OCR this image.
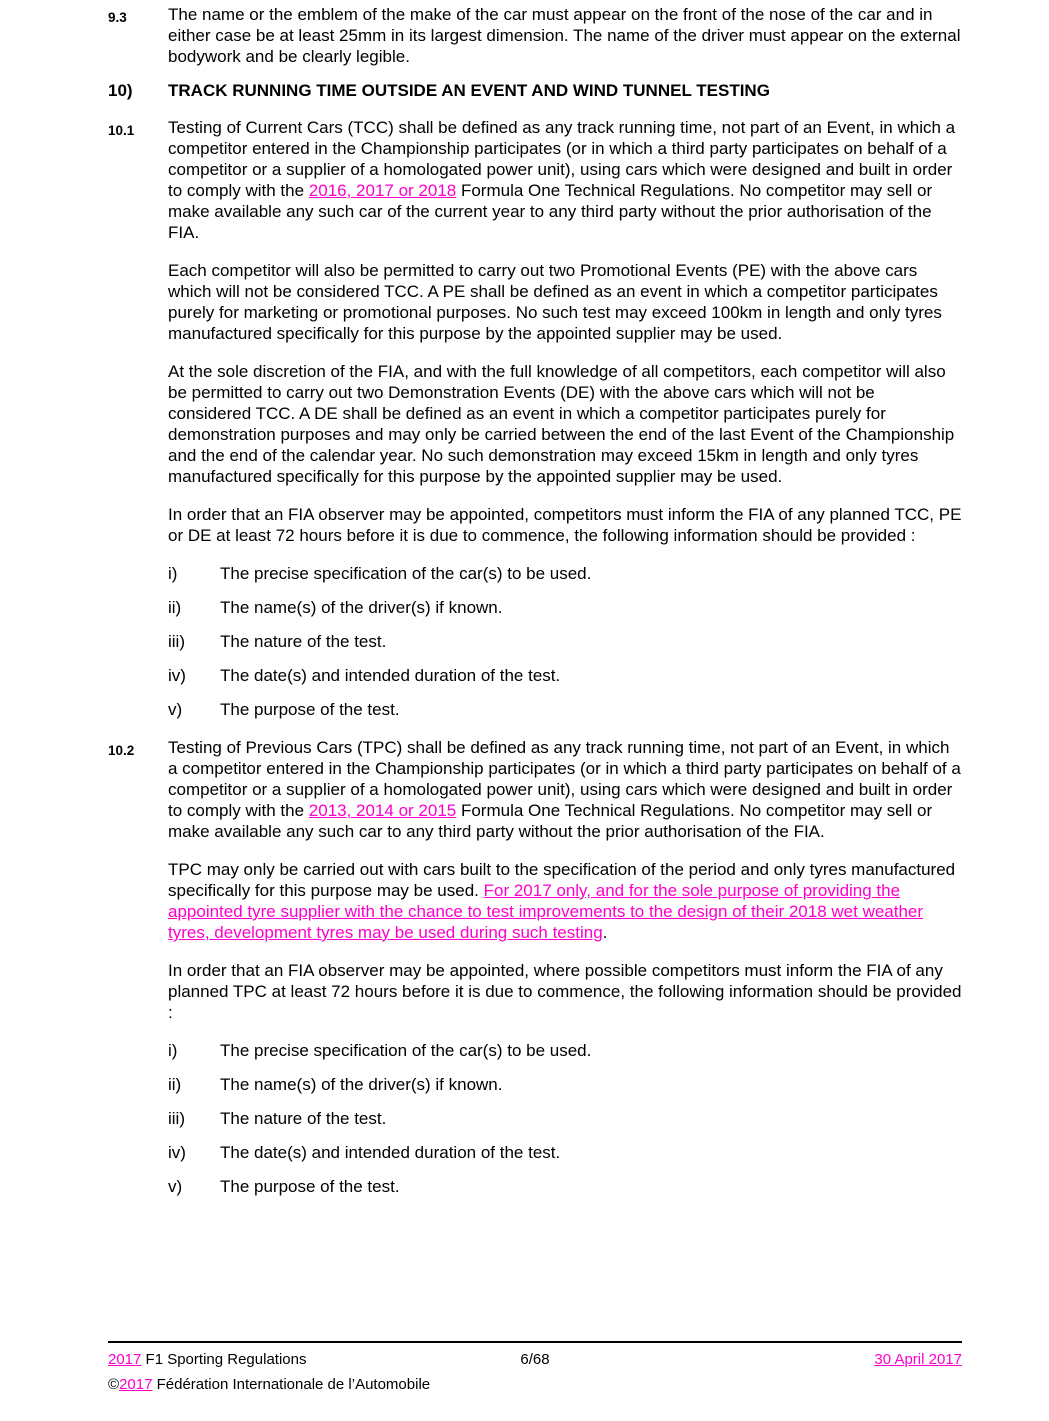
9.3	The name or the emblem of the make of the car must appear on the front of the nose of the car and in either case be at least 25mm in its largest dimension. The name of the driver must appear on the external bodywork and be clearly legible.

10)	TRACK RUNNING TIME OUTSIDE AN EVENT AND WIND TUNNEL TESTING
10.1	Testing of Current Cars (TCC) shall be defined as any track running time, not part of an Event, in which a competitor entered in the Championship participates (or in which a third party participates on behalf of a competitor or a supplier of a homologated power unit), using cars which were designed and built in order to comply with the 2016, 2017 or 2018 Formula One Technical Regulations. No competitor may sell or make available any such car of the current year to any third party without the prior authorisation of the FIA.

Each competitor will also be permitted to carry out two Promotional Events (PE) with the above cars which will not be considered TCC. A PE shall be defined as an event in which a competitor participates purely for marketing or promotional purposes. No such test may exceed 100km in length and only tyres manufactured specifically for this purpose by the appointed supplier may be used.

At the sole discretion of the FIA, and with the full knowledge of all competitors, each competitor will also be permitted to carry out two Demonstration Events (DE) with the above cars which will not be considered TCC. A DE shall be defined as an event in which a competitor participates purely for demonstration purposes and may only be carried between the end of the last Event of the Championship and the end of the calendar year. No such demonstration may exceed 15km in length and only tyres manufactured specifically for this purpose by the appointed supplier may be used.

In order that an FIA observer may be appointed, competitors must inform the FIA of any planned TCC, PE or DE at least 72 hours before it is due to commence, the following information should be provided :

i)	The precise specification of the car(s) to be used.
ii)	The name(s) of the driver(s) if known.
iii)	The nature of the test.
iv)	The date(s) and intended duration of the test.
v)	The purpose of the test.
10.2	Testing of Previous Cars (TPC) shall be defined as any track running time, not part of an Event, in which a competitor entered in the Championship participates (or in which a third party participates on behalf of a competitor or a supplier of a homologated power unit), using cars which were designed and built in order to comply with the 2013, 2014 or 2015 Formula One Technical Regulations. No competitor may sell or make available any such car to any third party without the prior authorisation of the FIA.

TPC may only be carried out with cars built to the specification of the period and only tyres manufactured specifically for this purpose may be used. For 2017 only, and for the sole purpose of providing the appointed tyre supplier with the chance to test improvements to the design of their 2018 wet weather tyres, development tyres may be used during such testing.

In order that an FIA observer may be appointed, where possible competitors must inform the FIA of any planned TPC at least 72 hours before it is due to commence, the following information should be provided :

i)	The precise specification of the car(s) to be used.
ii)	The name(s) of the driver(s) if known.
iii)	The nature of the test.
iv)	The date(s) and intended duration of the test.
v)	The purpose of the test.
2017 F1 Sporting Regulations	6/68	30 April 2017
©2017 Fédération Internationale de l’Automobile
